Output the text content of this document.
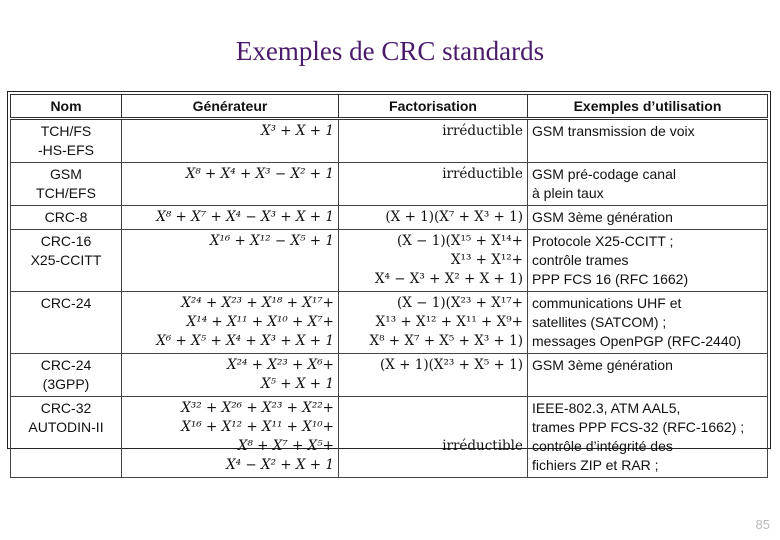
Exemples de CRC standards
Nom	Générateur	Factorisation	Exemples d’utilisation

TCH/FS
-HS-EFS	X³ + X + 1	irréductible	GSM transmission de voix

GSM
TCH/EFS	X⁸ + X⁴ + X³ − X² + 1	irréductible	GSM pré-codage canal
à plein taux

CRC-8	X⁸ + X⁷ + X⁴ − X³ + X + 1	(X + 1)(X⁷ + X³ + 1)	GSM 3ème génération

CRC-16
X25-CCITT	X¹⁶ + X¹² − X⁵ + 1	(X − 1)(X¹⁵ + X¹⁴+
X¹³ + X¹²+
X⁴ − X³ + X² + X + 1)	Protocole X25-CCITT ;
contrôle trames
PPP FCS 16 (RFC 1662)

CRC-24	X²⁴ + X²³ + X¹⁸ + X¹⁷+
X¹⁴ + X¹¹ + X¹⁰ + X⁷+
X⁶ + X⁵ + X⁴ + X³ + X + 1	(X − 1)(X²³ + X¹⁷+
X¹³ + X¹² + X¹¹ + X⁹+
X⁸ + X⁷ + X⁵ + X³ + 1)	communications UHF et
satellites (SATCOM) ;
messages OpenPGP (RFC-2440)

CRC-24
(3GPP)	X²⁴ + X²³ + X⁶+
X⁵ + X + 1	(X + 1)(X²³ + X⁵ + 1)	GSM 3ème génération

CRC-32
AUTODIN-II	X³² + X²⁶ + X²³ + X²²+
X¹⁶ + X¹² + X¹¹ + X¹⁰+
X⁸ + X⁷ + X⁵+
X⁴ − X² + X + 1	irréductible	IEEE-802.3, ATM AAL5,
trames PPP FCS-32 (RFC-1662) ;
contrôle d’intégrité des
fichiers ZIP et RAR ;
85
